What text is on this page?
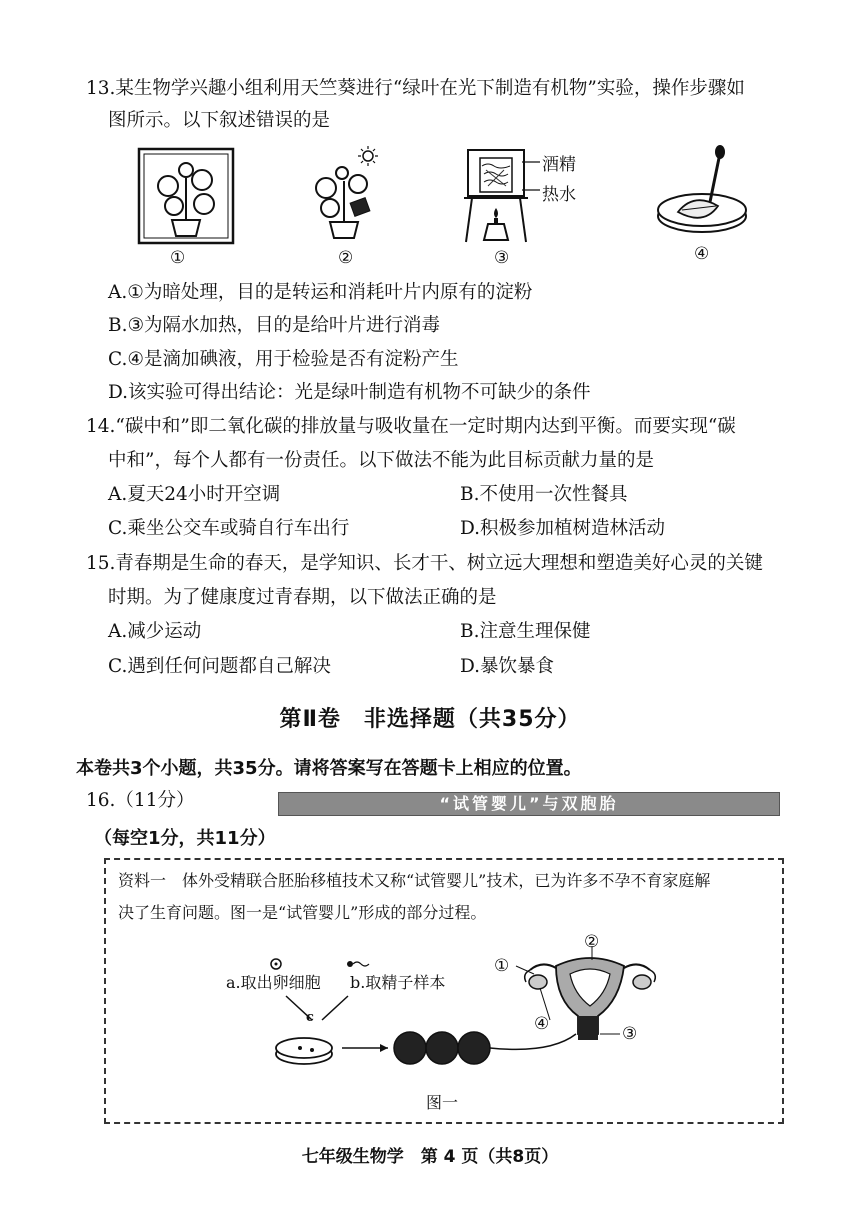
13.某生物学兴趣小组利用天竺葵进行“绿叶在光下制造有机物”实验，操作步骤如
图所示。以下叙述错误的是
①	②
酒精
热水
③	④
A.①为暗处理，目的是转运和消耗叶片内原有的淀粉
B.③为隔水加热，目的是给叶片进行消毒
C.④是滴加碘液，用于检验是否有淀粉产生
D.该实验可得出结论：光是绿叶制造有机物不可缺少的条件
14.“碳中和”即二氧化碳的排放量与吸收量在一定时期内达到平衡。而要实现“碳
中和”，每个人都有一份责任。以下做法不能为此目标贡献力量的是
A.夏天24小时开空调	B.不使用一次性餐具
C.乘坐公交车或骑自行车出行	D.积极参加植树造林活动
15.青春期是生命的春天，是学知识、长才干、树立远大理想和塑造美好心灵的关键
时期。为了健康度过青春期，以下做法正确的是
A.减少运动	B.注意生理保健
C.遇到任何问题都自己解决	D.暴饮暴食
第Ⅱ卷　非选择题（共35分）
本卷共3个小题，共35分。请将答案写在答题卡上相应的位置。
16.（11分）	“试管婴儿”与双胞胎
（每空1分，共11分）
资料一　体外受精联合胚胎移植技术又称“试管婴儿”技术，已为许多不孕不育家庭解
决了生育问题。图一是“试管婴儿”形成的部分过程。
a.取出卵细胞 b.取精子样本
c
①
②
③
④
图一
七年级生物学　第 4 页（共8页）
